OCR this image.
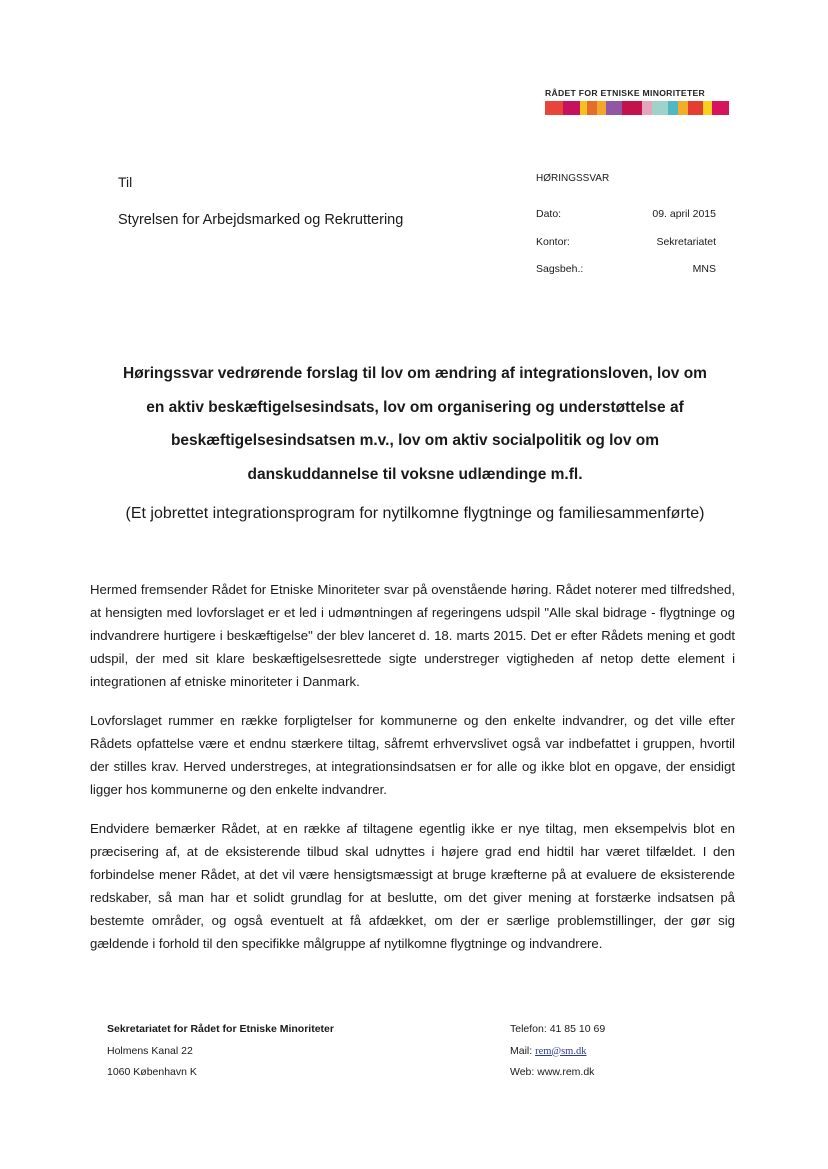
RÅDET FOR ETNISKE MINORITETER
Til
Styrelsen for Arbejdsmarked og Rekruttering
HØRINGSSVAR
Dato:	09. april 2015
Kontor:	Sekretariatet
Sagsbeh.:	MNS
Høringssvar vedrørende forslag til lov om ændring af integrationsloven, lov om
en aktiv beskæftigelsesindsats, lov om organisering og understøttelse af
beskæftigelsesindsatsen m.v., lov om aktiv socialpolitik og lov om
danskuddannelse til voksne udlændinge m.fl.
(Et jobrettet integrationsprogram for nytilkomne flygtninge og familiesammenførte)

Hermed fremsender Rådet for Etniske Minoriteter svar på ovenstående høring. Rådet noterer med tilfredshed, at hensigten med lovforslaget er et led i udmøntningen af regeringens udspil "Alle skal bidrage - flygtninge og indvandrere hurtigere i beskæftigelse" der blev lanceret d. 18. marts 2015. Det er efter Rådets mening et godt udspil, der med sit klare beskæftigelsesrettede sigte understreger vigtigheden af netop dette element i integrationen af etniske minoriteter i Danmark.

Lovforslaget rummer en række forpligtelser for kommunerne og den enkelte indvandrer, og det ville efter Rådets opfattelse være et endnu stærkere tiltag, såfremt erhvervslivet også var indbefattet i gruppen, hvortil der stilles krav. Herved understreges, at integrationsindsatsen er for alle og ikke blot en opgave, der ensidigt ligger hos kommunerne og den enkelte indvandrer.

Endvidere bemærker Rådet, at en række af tiltagene egentlig ikke er nye tiltag, men eksempelvis blot en præcisering af, at de eksisterende tilbud skal udnyttes i højere grad end hidtil har været tilfældet. I den forbindelse mener Rådet, at det vil være hensigtsmæssigt at bruge kræfterne på at evaluere de eksisterende redskaber, så man har et solidt grundlag for at beslutte, om det giver mening at forstærke indsatsen på bestemte områder, og også eventuelt at få afdækket, om der er særlige problemstillinger, der gør sig gældende i forhold til den specifikke målgruppe af nytilkomne flygtninge og indvandrere.

Sekretariatet for Rådet for Etniske Minoriteter
Holmens Kanal 22
1060 København K
Telefon: 41 85 10 69
Mail: rem@sm.dk
Web: www.rem.dk
